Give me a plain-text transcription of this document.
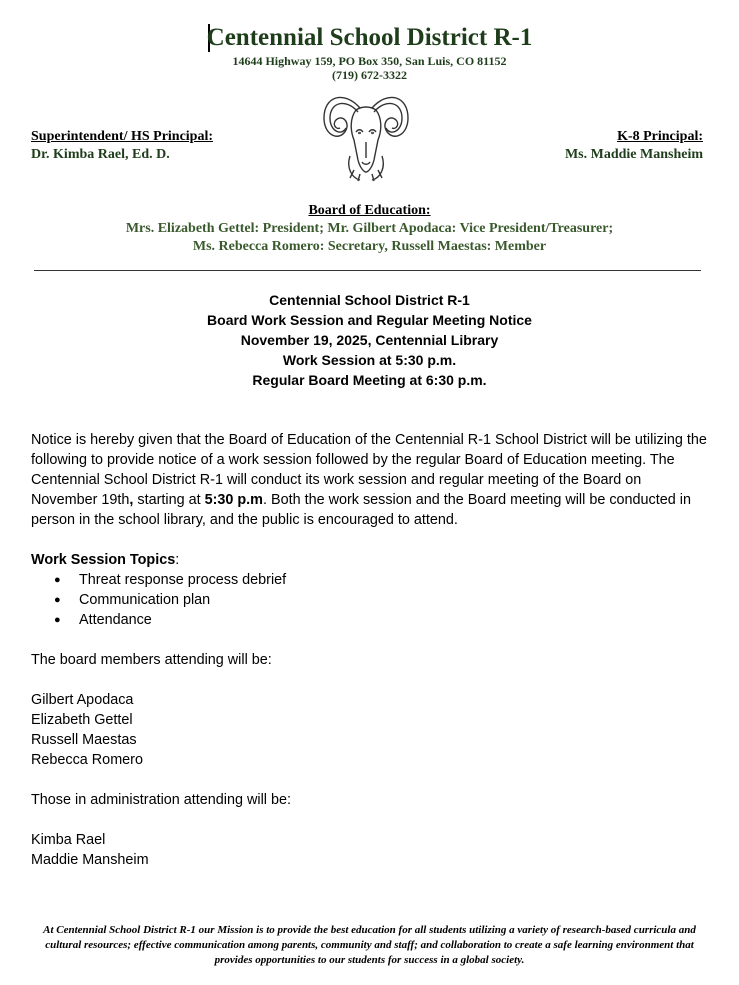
Centennial School District R-1
14644 Highway 159, PO Box 350, San Luis, CO 81152
(719) 672-3322
Superintendent/ HS Principal:
Dr. Kimba Rael, Ed. D.
K-8 Principal:
Ms. Maddie Mansheim
Board of Education:
Mrs. Elizabeth Gettel: President; Mr. Gilbert Apodaca: Vice President/Treasurer;
Ms. Rebecca Romero: Secretary, Russell Maestas: Member
Centennial School District R-1
Board Work Session and Regular Meeting Notice
November 19, 2025, Centennial Library
Work Session at 5:30 p.m.
Regular Board Meeting at 6:30 p.m.
Notice is hereby given that the Board of Education of the Centennial R-1 School District will be utilizing the following to provide notice of a work session followed by the regular Board of Education meeting. The Centennial School District R-1 will conduct its work session and regular meeting of the Board on November 19th, starting at 5:30 p.m. Both the work session and the Board meeting will be conducted in person in the school library, and the public is encouraged to attend.
Work Session Topics:
● Threat response process debrief
● Communication plan
● Attendance
The board members attending will be:
Gilbert Apodaca
Elizabeth Gettel
Russell Maestas
Rebecca Romero
Those in administration attending will be:
Kimba Rael
Maddie Mansheim
At Centennial School District R-1 our Mission is to provide the best education for all students utilizing a variety of research-based curricula and cultural resources; effective communication among parents, community and staff; and collaboration to create a safe learning environment that provides opportunities to our students for success in a global society.
